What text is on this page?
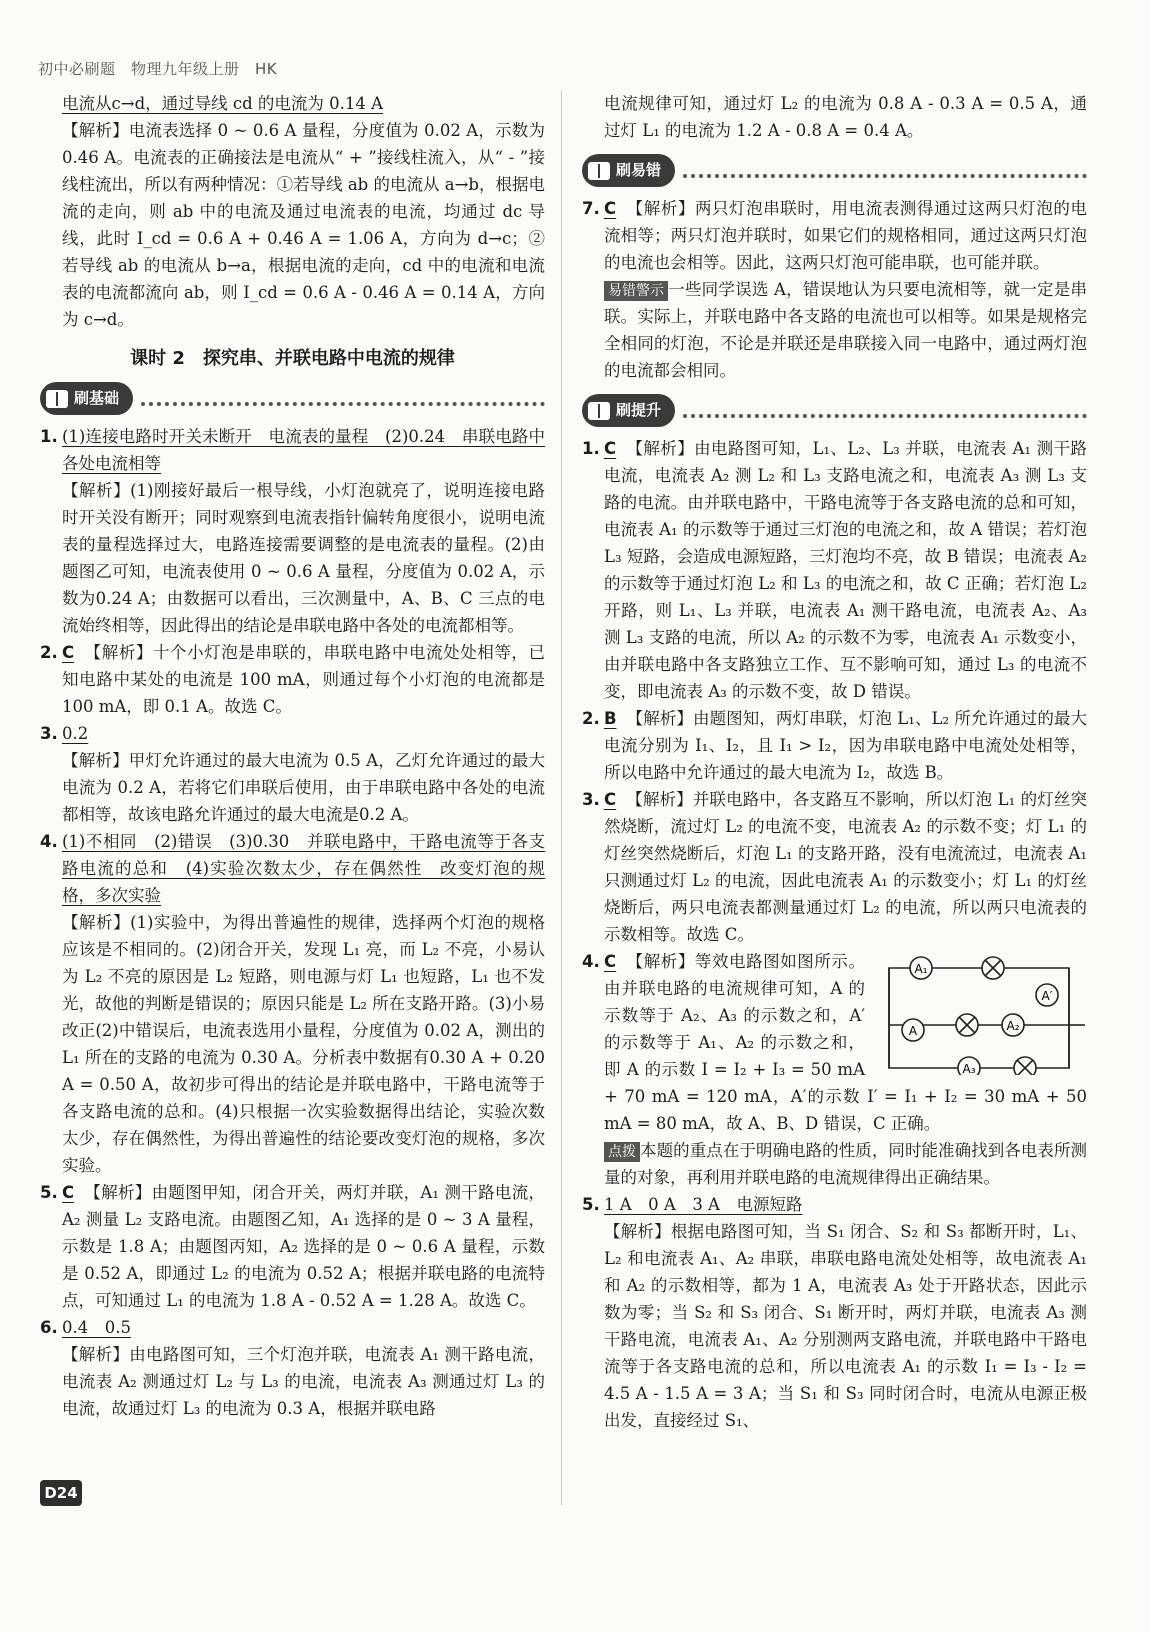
初中必刷题　物理九年级上册　HK

电流从c→d，通过导线 cd 的电流为 0.14 A

【解析】电流表选择 0 ~ 0.6 A 量程，分度值为 0.02 A，示数为0.46 A。电流表的正确接法是电流从“ + ”接线柱流入，从“ - ”接线柱流出，所以有两种情况：①若导线 ab 的电流从 a→b，根据电流的走向，则 ab 中的电流及通过电流表的电流，均通过 dc 导线，此时 I_cd = 0.6 A + 0.46 A = 1.06 A，方向为 d→c；②若导线 ab 的电流从 b→a，根据电流的走向，cd 中的电流和电流表的电流都流向 ab，则 I_cd = 0.6 A - 0.46 A = 0.14 A，方向为 c→d。

课时 2　探究串、并联电路中电流的规律
刷基础
1. (1)连接电路时开关未断开　电流表的量程　(2)0.24　串联电路中各处电流相等

【解析】(1)刚接好最后一根导线，小灯泡就亮了，说明连接电路时开关没有断开；同时观察到电流表指针偏转角度很小，说明电流表的量程选择过大，电路连接需要调整的是电流表的量程。(2)由题图乙可知，电流表使用 0 ~ 0.6 A 量程，分度值为 0.02 A，示数为0.24 A；由数据可以看出，三次测量中，A、B、C 三点的电流始终相等，因此得出的结论是串联电路中各处的电流都相等。

2. C 【解析】十个小灯泡是串联的，串联电路中电流处处相等，已知电路中某处的电流是 100 mA，则通过每个小灯泡的电流都是100 mA，即 0.1 A。故选 C。

3. 0.2

【解析】甲灯允许通过的最大电流为 0.5 A，乙灯允许通过的最大电流为 0.2 A，若将它们串联后使用，由于串联电路中各处的电流都相等，故该电路允许通过的最大电流是0.2 A。

4. (1)不相同　(2)错误　(3)0.30　并联电路中，干路电流等于各支路电流的总和　(4)实验次数太少，存在偶然性　改变灯泡的规格，多次实验

【解析】(1)实验中，为得出普遍性的规律，选择两个灯泡的规格应该是不相同的。(2)闭合开关，发现 L₁ 亮，而 L₂ 不亮，小易认为 L₂ 不亮的原因是 L₂ 短路，则电源与灯 L₁ 也短路，L₁ 也不发光，故他的判断是错误的；原因只能是 L₂ 所在支路开路。(3)小易改正(2)中错误后，电流表选用小量程，分度值为 0.02 A，测出的 L₁ 所在的支路的电流为 0.30 A。分析表中数据有0.30 A + 0.20 A = 0.50 A，故初步可得出的结论是并联电路中，干路电流等于各支路电流的总和。(4)只根据一次实验数据得出结论，实验次数太少，存在偶然性，为得出普遍性的结论要改变灯泡的规格，多次实验。

5. C 【解析】由题图甲知，闭合开关，两灯并联，A₁ 测干路电流，A₂ 测量 L₂ 支路电流。由题图乙知，A₁ 选择的是 0 ~ 3 A 量程，示数是 1.8 A；由题图丙知，A₂ 选择的是 0 ~ 0.6 A 量程，示数是 0.52 A，即通过 L₂ 的电流为 0.52 A；根据并联电路的电流特点，可知通过 L₁ 的电流为 1.8 A - 0.52 A = 1.28 A。故选 C。

6. 0.4　0.5

【解析】由电路图可知，三个灯泡并联，电流表 A₁ 测干路电流，电流表 A₂ 测通过灯 L₂ 与 L₃ 的电流，电流表 A₃ 测通过灯 L₃ 的电流，故通过灯 L₃ 的电流为 0.3 A，根据并联电路

电流规律可知，通过灯 L₂ 的电流为 0.8 A - 0.3 A = 0.5 A，通过灯 L₁ 的电流为 1.2 A - 0.8 A = 0.4 A。

刷易错
7. C 【解析】两只灯泡串联时，用电流表测得通过这两只灯泡的电流相等；两只灯泡并联时，如果它们的规格相同，通过这两只灯泡的电流也会相等。因此，这两只灯泡可能串联，也可能并联。

易错警示 一些同学误选 A，错误地认为只要电流相等，就一定是串联。实际上，并联电路中各支路的电流也可以相等。如果是规格完全相同的灯泡，不论是并联还是串联接入同一电路中，通过两灯泡的电流都会相同。

刷提升
1. C 【解析】由电路图可知，L₁、L₂、L₃ 并联，电流表 A₁ 测干路电流，电流表 A₂ 测 L₂ 和 L₃ 支路电流之和，电流表 A₃ 测 L₃ 支路的电流。由并联电路中，干路电流等于各支路电流的总和可知，电流表 A₁ 的示数等于通过三灯泡的电流之和，故 A 错误；若灯泡 L₃ 短路，会造成电源短路，三灯泡均不亮，故 B 错误；电流表 A₂ 的示数等于通过灯泡 L₂ 和 L₃ 的电流之和，故 C 正确；若灯泡 L₂ 开路，则 L₁、L₃ 并联，电流表 A₁ 测干路电流，电流表 A₂、A₃ 测 L₃ 支路的电流，所以 A₂ 的示数不为零，电流表 A₁ 示数变小，由并联电路中各支路独立工作、互不影响可知，通过 L₃ 的电流不变，即电流表 A₃ 的示数不变，故 D 错误。

2. B 【解析】由题图知，两灯串联，灯泡 L₁、L₂ 所允许通过的最大电流分别为 I₁、I₂，且 I₁ > I₂，因为串联电路中电流处处相等，所以电路中允许通过的最大电流为 I₂，故选 B。

3. C 【解析】并联电路中，各支路互不影响，所以灯泡 L₁ 的灯丝突然烧断，流过灯 L₂ 的电流不变，电流表 A₂ 的示数不变；灯 L₁ 的灯丝突然烧断后，灯泡 L₁ 的支路开路，没有电流流过，电流表 A₁ 只测通过灯 L₂ 的电流，因此电流表 A₁ 的示数变小；灯 L₁ 的灯丝烧断后，两只电流表都测量通过灯 L₂ 的电流，所以两只电流表的示数相等。故选 C。

4.	A₁
A′
A	A₂
A₃

C 【解析】等效电路图如图所示。由并联电路的电流规律可知，A 的示数等于 A₂、A₃ 的示数之和，A′的示数等于 A₁、A₂ 的示数之和，即 A 的示数 I = I₂ + I₃ = 50 mA + 70 mA = 120 mA，A′的示数 I′ = I₁ + I₂ = 30 mA + 50 mA = 80 mA，故 A、B、D 错误，C 正确。

点拨 本题的重点在于明确电路的性质，同时能准确找到各电表所测量的对象，再利用并联电路的电流规律得出正确结果。

5. 1 A　0 A　3 A　电源短路

【解析】根据电路图可知，当 S₁ 闭合、S₂ 和 S₃ 都断开时，L₁、L₂ 和电流表 A₁、A₂ 串联，串联电路电流处处相等，故电流表 A₁ 和 A₂ 的示数相等，都为 1 A，电流表 A₃ 处于开路状态，因此示数为零；当 S₂ 和 S₃ 闭合、S₁ 断开时，两灯并联，电流表 A₃ 测干路电流，电流表 A₁、A₂ 分别测两支路电流，并联电路中干路电流等于各支路电流的总和，所以电流表 A₁ 的示数 I₁ = I₃ - I₂ = 4.5 A - 1.5 A = 3 A；当 S₁ 和 S₃ 同时闭合时，电流从电源正极出发，直接经过 S₁、

D24
